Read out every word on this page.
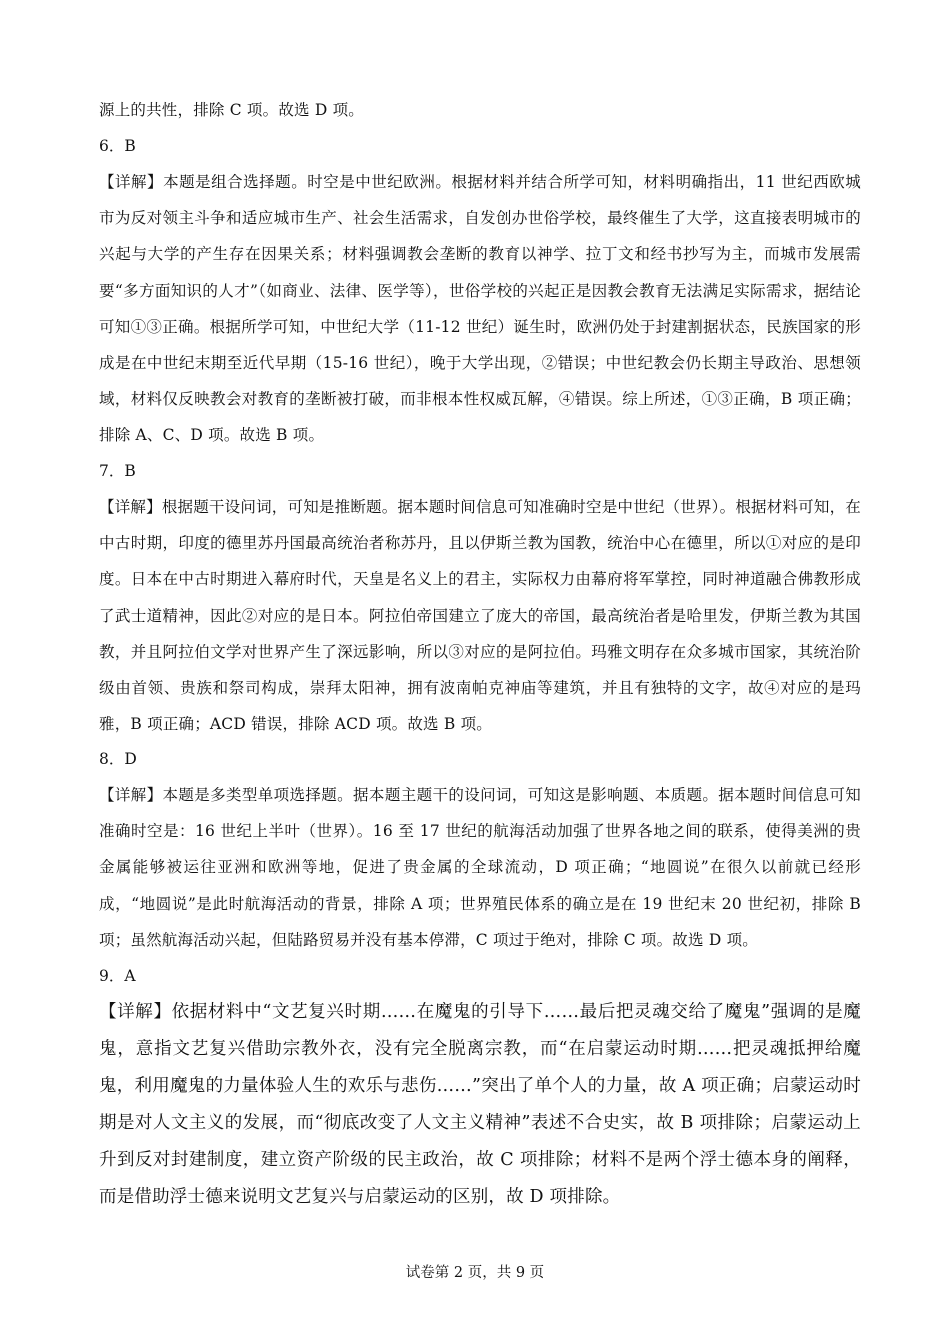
源上的共性，排除 C 项。故选 D 项。

6．B

【详解】本题是组合选择题。时空是中世纪欧洲。根据材料并结合所学可知，材料明确指出，11 世纪西欧城市为反对领主斗争和适应城市生产、社会生活需求，自发创办世俗学校，最终催生了大学，这直接表明城市的兴起与大学的产生存在因果关系；材料强调教会垄断的教育以神学、拉丁文和经书抄写为主，而城市发展需要“多方面知识的人才”（如商业、法律、医学等），世俗学校的兴起正是因教会教育无法满足实际需求，据结论可知①③正确。根据所学可知，中世纪大学（11-12 世纪）诞生时，欧洲仍处于封建割据状态，民族国家的形成是在中世纪末期至近代早期（15-16 世纪），晚于大学出现，②错误；中世纪教会仍长期主导政治、思想领域，材料仅反映教会对教育的垄断被打破，而非根本性权威瓦解，④错误。综上所述，①③正确，B 项正确；排除 A、C、D 项。故选 B 项。

7．B

【详解】根据题干设问词，可知是推断题。据本题时间信息可知准确时空是中世纪（世界）。根据材料可知，在中古时期，印度的德里苏丹国最高统治者称苏丹，且以伊斯兰教为国教，统治中心在德里，所以①对应的是印度。日本在中古时期进入幕府时代，天皇是名义上的君主，实际权力由幕府将军掌控，同时神道融合佛教形成了武士道精神，因此②对应的是日本。阿拉伯帝国建立了庞大的帝国，最高统治者是哈里发，伊斯兰教为其国教，并且阿拉伯文学对世界产生了深远影响，所以③对应的是阿拉伯。玛雅文明存在众多城市国家，其统治阶级由首领、贵族和祭司构成，崇拜太阳神，拥有波南帕克神庙等建筑，并且有独特的文字，故④对应的是玛雅，B 项正确；ACD 错误，排除 ACD 项。故选 B 项。

8．D

【详解】本题是多类型单项选择题。据本题主题干的设问词，可知这是影响题、本质题。据本题时间信息可知准确时空是：16 世纪上半叶（世界）。16 至 17 世纪的航海活动加强了世界各地之间的联系，使得美洲的贵金属能够被运往亚洲和欧洲等地，促进了贵金属的全球流动，D 项正确；“地圆说”在很久以前就已经形成，“地圆说”是此时航海活动的背景，排除 A 项；世界殖民体系的确立是在 19 世纪末 20 世纪初，排除 B 项；虽然航海活动兴起，但陆路贸易并没有基本停滞，C 项过于绝对，排除 C 项。故选 D 项。

9．A

【详解】依据材料中“文艺复兴时期……在魔鬼的引导下……最后把灵魂交给了魔鬼”强调的是魔鬼，意指文艺复兴借助宗教外衣，没有完全脱离宗教，而“在启蒙运动时期……把灵魂抵押给魔鬼，利用魔鬼的力量体验人生的欢乐与悲伤……”突出了单个人的力量，故 A 项正确；启蒙运动时期是对人文主义的发展，而“彻底改变了人文主义精神”表述不合史实，故 B 项排除；启蒙运动上升到反对封建制度，建立资产阶级的民主政治，故 C 项排除；材料不是两个浮士德本身的阐释，而是借助浮士德来说明文艺复兴与启蒙运动的区别，故 D 项排除。

试卷第 2 页，共 9 页
